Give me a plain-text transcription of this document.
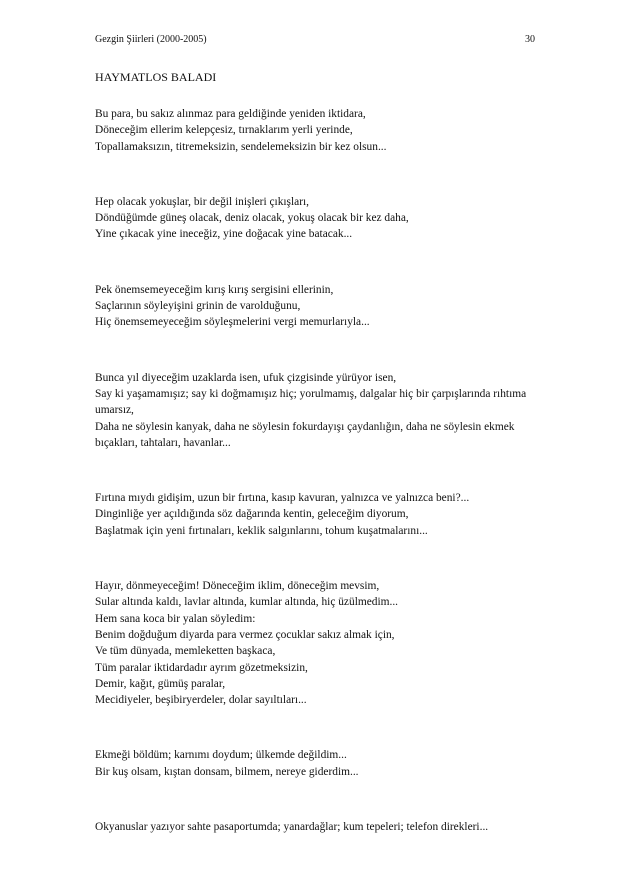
Gezgin Şiirleri (2000-2005)	30
HAYMATLOS BALADI
Bu para, bu sakız alınmaz para geldiğinde yeniden iktidara,
Döneceğim ellerim kelepçesiz, tırnaklarım yerli yerinde,
Topallamaksızın, titremeksizin, sendelemeksizin bir kez olsun...
Hep olacak yokuşlar, bir değil inişleri çıkışları,
Döndüğümde güneş olacak, deniz olacak, yokuş olacak bir kez daha,
Yine çıkacak yine ineceğiz, yine doğacak yine batacak...
Pek önemsemeyeceğim kırış kırış sergisini ellerinin,
Saçlarının söyleyişini grinin de varolduğunu,
Hiç önemsemeyeceğim söyleşmelerini vergi memurlarıyla...
Bunca yıl diyeceğim uzaklarda isen, ufuk çizgisinde yürüyor isen,
Say ki yaşamamışız; say ki doğmamışız hiç; yorulmamış, dalgalar hiç bir çarpışlarında rıhtıma umarsız,
Daha ne söylesin kanyak, daha ne söylesin fokurdayışı çaydanlığın, daha ne söylesin ekmek bıçakları, tahtaları, havanlar...
Fırtına mıydı gidişim, uzun bir fırtına, kasıp kavuran, yalnızca ve yalnızca beni?...
Dinginliğe yer açıldığında söz dağarında kentin, geleceğim diyorum,
Başlatmak için yeni fırtınaları, keklik salgınlarını, tohum kuşatmalarını...
Hayır, dönmeyeceğim! Döneceğim iklim, döneceğim mevsim,
Sular altında kaldı, lavlar altında, kumlar altında, hiç üzülmedim...
Hem sana koca bir yalan söyledim:
Benim doğduğum diyarda para vermez çocuklar sakız almak için,
Ve tüm dünyada, memleketten başkaca,
Tüm paralar iktidardadır ayrım gözetmeksizin,
Demir, kağıt, gümüş paralar,
Mecidiyeler, beşibiryerdeler, dolar sayıltıları...
Ekmeği böldüm; karnımı doydum; ülkemde değildim...
Bir kuş olsam, kıştan donsam, bilmem, nereye giderdim...
Okyanuslar yazıyor sahte pasaportumda; yanardağlar; kum tepeleri; telefon direkleri...
